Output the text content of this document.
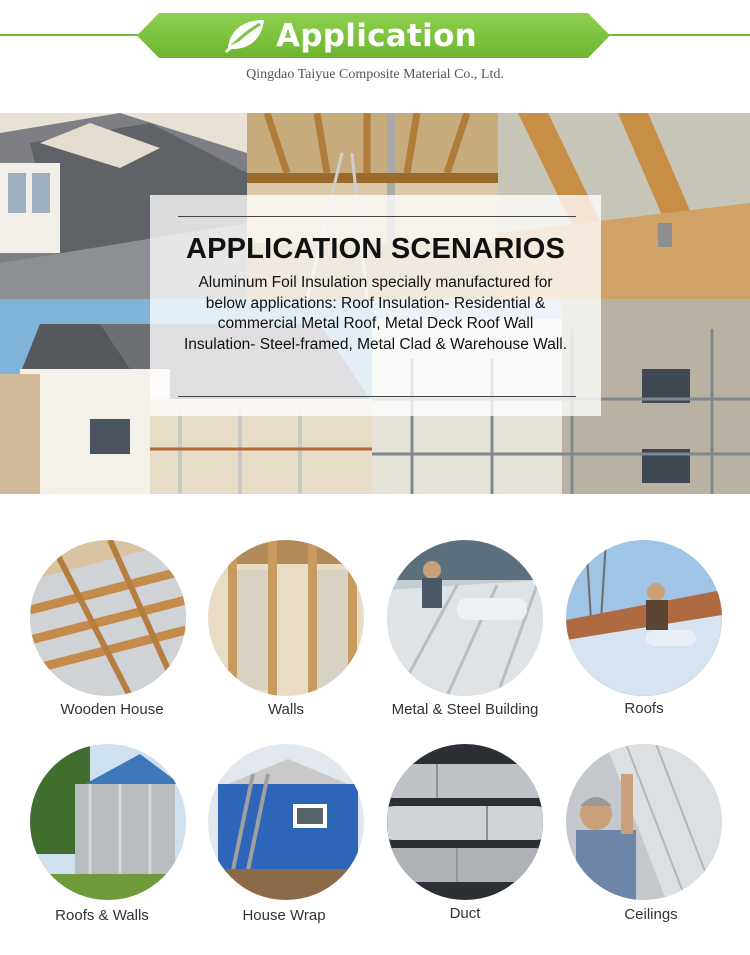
Application
Qingdao Taiyue Composite Material Co., Ltd.
APPLICATION SCENARIOS
Aluminum Foil Insulation specially manufactured for below applications: Roof Insulation- Residential & commercial Metal Roof, Metal Deck Roof Wall Insulation- Steel-framed, Metal Clad & Warehouse Wall.
Wooden House	Walls	Metal & Steel Building	Roofs
Roofs & Walls	House Wrap	Duct	Ceilings
